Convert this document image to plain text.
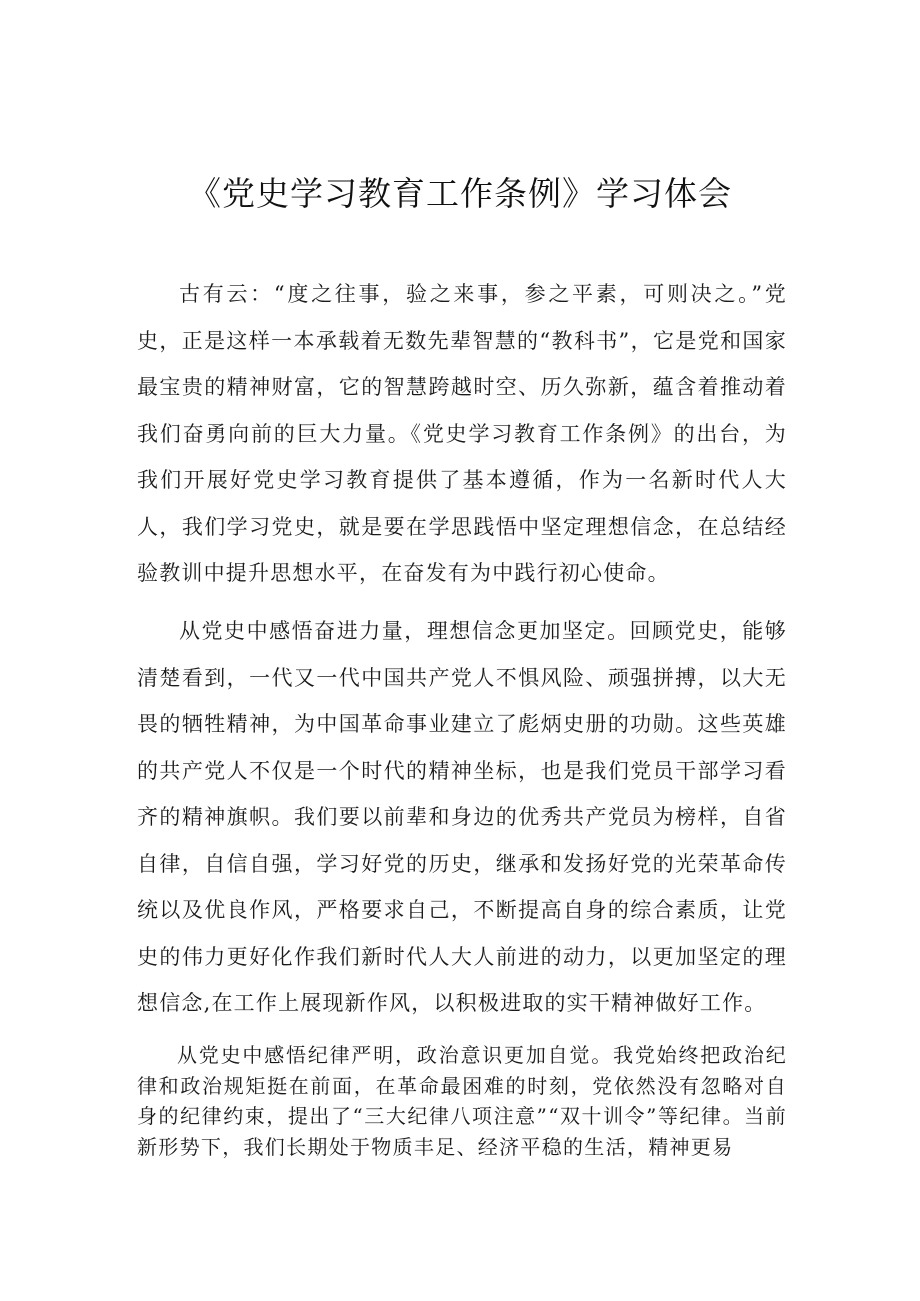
《党史学习教育工作条例》学习体会

古有云：“度之往事，验之来事，参之平素，可则决之。”党史，正是这样一本承载着无数先辈智慧的“教科书”，它是党和国家最宝贵的精神财富，它的智慧跨越时空、历久弥新，蕴含着推动着我们奋勇向前的巨大力量。《党史学习教育工作条例》的出台，为我们开展好党史学习教育提供了基本遵循，作为一名新时代人大人，我们学习党史，就是要在学思践悟中坚定理想信念，在总结经验教训中提升思想水平，在奋发有为中践行初心使命。

从党史中感悟奋进力量，理想信念更加坚定。回顾党史，能够清楚看到，一代又一代中国共产党人不惧风险、顽强拼搏，以大无畏的牺牲精神，为中国革命事业建立了彪炳史册的功勋。这些英雄的共产党人不仅是一个时代的精神坐标，也是我们党员干部学习看齐的精神旗帜。我们要以前辈和身边的优秀共产党员为榜样，自省自律，自信自强，学习好党的历史，继承和发扬好党的光荣革命传统以及优良作风，严格要求自己，不断提高自身的综合素质，让党史的伟力更好化作我们新时代人大人前进的动力，以更加坚定的理想信念,在工作上展现新作风，以积极进取的实干精神做好工作。

从党史中感悟纪律严明，政治意识更加自觉。我党始终把政治纪律和政治规矩挺在前面，在革命最困难的时刻，党依然没有忽略对自身的纪律约束，提出了“三大纪律八项注意”“双十训令”等纪律。当前新形势下，我们长期处于物质丰足、经济平稳的生活，精神更易
